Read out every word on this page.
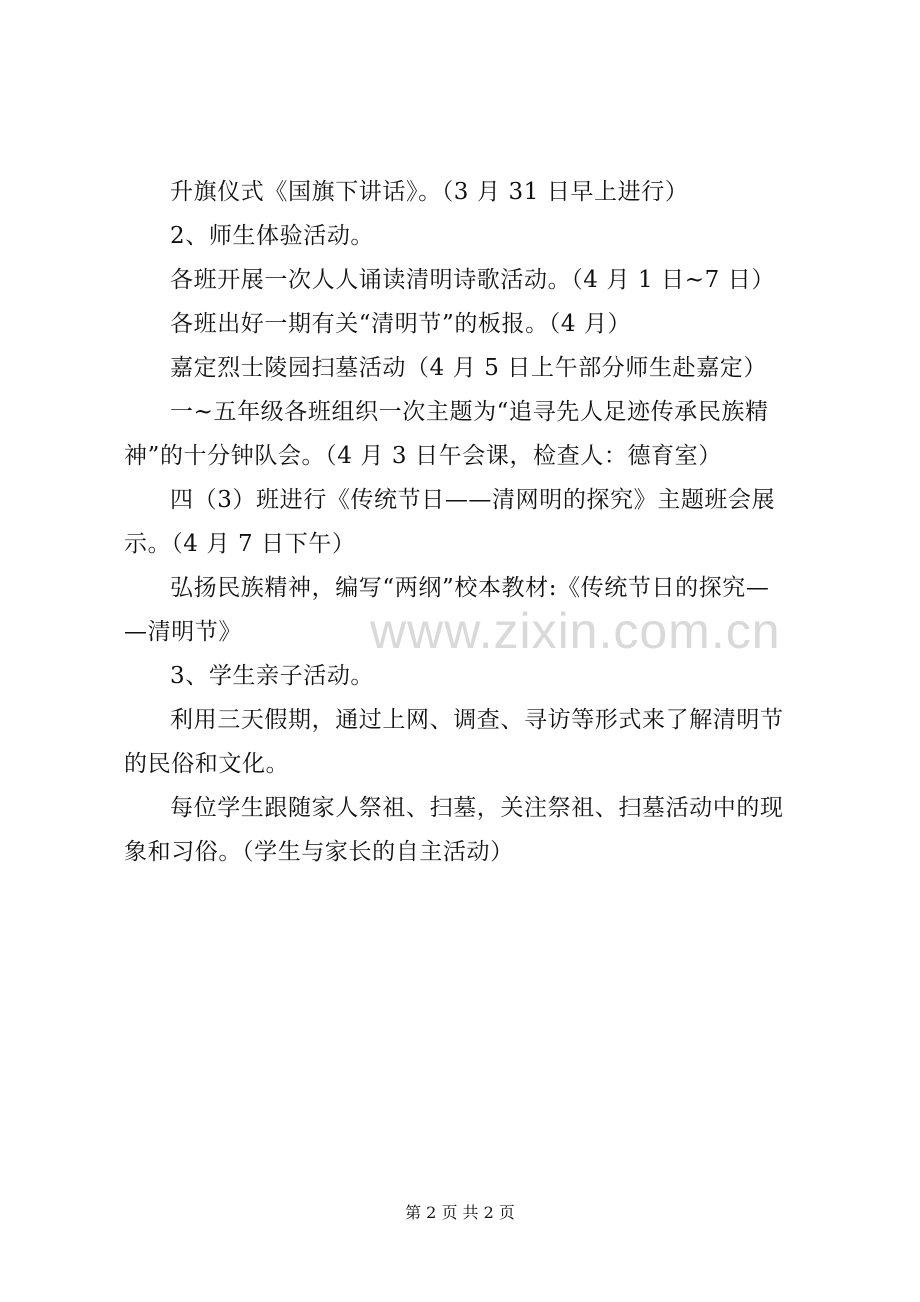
升旗仪式《国旗下讲话》。（3 月 31 日早上进行）
2、师生体验活动。
各班开展一次人人诵读清明诗歌活动。（4 月 1 日~7 日）
各班出好一期有关“清明节”的板报。（4 月）
嘉定烈士陵园扫墓活动（4 月 5 日上午部分师生赴嘉定）
一~五年级各班组织一次主题为“追寻先人足迹传承民族精
神”的十分钟队会。（4 月 3 日午会课，检查人：德育室）
四（3）班进行《传统节日——清网明的探究》主题班会展
示。（4 月 7 日下午）
弘扬民族精神，编写“两纲”校本教材:《传统节日的探究—
—清明节》
3、学生亲子活动。
利用三天假期，通过上网、调查、寻访等形式来了解清明节
的民俗和文化。
每位学生跟随家人祭祖、扫墓，关注祭祖、扫墓活动中的现
象和习俗。（学生与家长的自主活动）
www.zixin.com.cn
第 2 页 共 2 页
